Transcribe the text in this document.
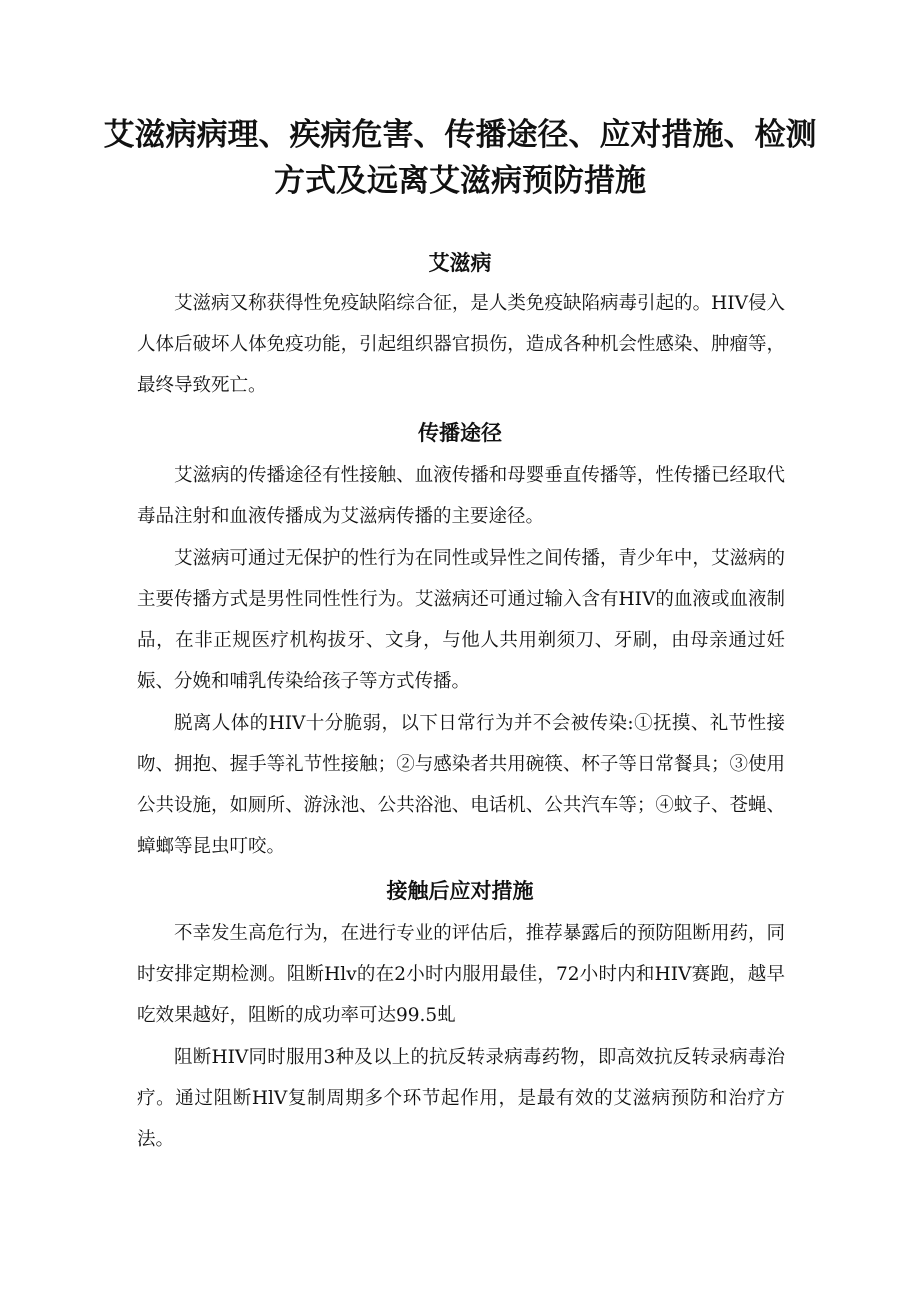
艾滋病病理、疾病危害、传播途径、应对措施、检测方式及远离艾滋病预防措施
艾滋病

艾滋病又称获得性免疫缺陷综合征，是人类免疫缺陷病毒引起的。HIV侵入人体后破坏人体免疫功能，引起组织器官损伤，造成各种机会性感染、肿瘤等，最终导致死亡。

传播途径

艾滋病的传播途径有性接触、血液传播和母婴垂直传播等，性传播已经取代毒品注射和血液传播成为艾滋病传播的主要途径。

艾滋病可通过无保护的性行为在同性或异性之间传播，青少年中，艾滋病的主要传播方式是男性同性性行为。艾滋病还可通过输入含有HIV的血液或血液制品，在非正规医疗机构拔牙、文身，与他人共用剃须刀、牙刷，由母亲通过妊娠、分娩和哺乳传染给孩子等方式传播。

脱离人体的HIV十分脆弱，以下日常行为并不会被传染:①抚摸、礼节性接吻、拥抱、握手等礼节性接触；②与感染者共用碗筷、杯子等日常餐具；③使用公共设施，如厕所、游泳池、公共浴池、电话机、公共汽车等；④蚊子、苍蝇、蟑螂等昆虫叮咬。

接触后应对措施

不幸发生高危行为，在进行专业的评估后，推荐暴露后的预防阻断用药，同时安排定期检测。阻断Hlv的在2小时内服用最佳，72小时内和HIV赛跑，越早吃效果越好，阻断的成功率可达99.5虬

阻断HIV同时服用3种及以上的抗反转录病毒药物，即高效抗反转录病毒治疗。通过阻断HlV复制周期多个环节起作用，是最有效的艾滋病预防和治疗方法。
